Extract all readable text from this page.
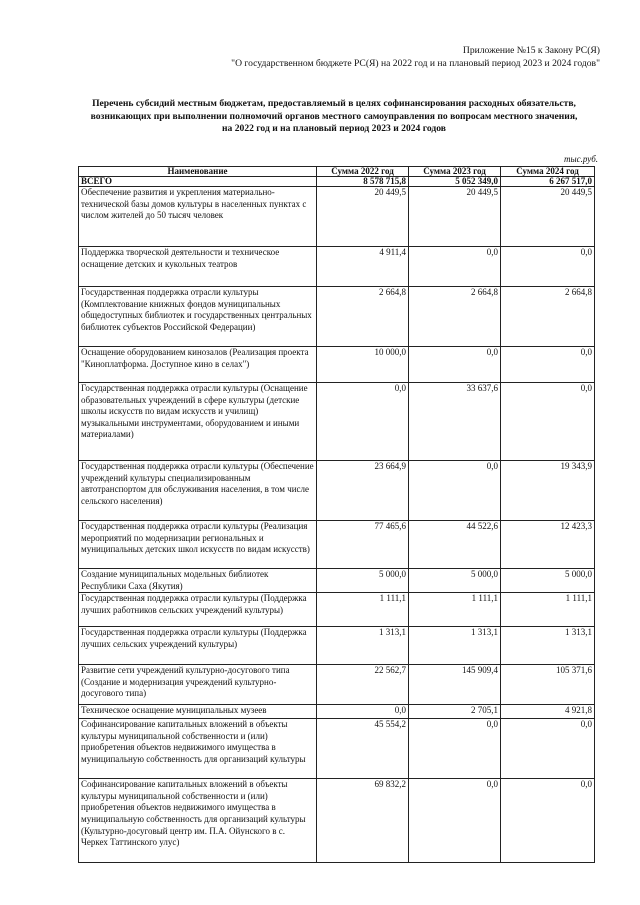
Приложение №15 к Закону РС(Я)
"О государственном бюджете РС(Я) на 2022 год и на плановый период 2023 и 2024 годов"
Перечень субсидий местным бюджетам, предоставляемый в целях софинансирования расходных обязательств,
возникающих при выполнении полномочий органов местного самоуправления по вопросам местного значения,
на 2022 год и на плановый период 2023 и 2024 годов
тыс.руб.
Наименование	Сумма 2022 год	Сумма 2023 год	Сумма 2024 год
ВСЕГО	8 578 715,8	5 052 349,0	6 267 517,0
Обеспечение развития и укрепления материально-технической базы домов культуры в населенных пунктах с числом жителей до 50 тысяч человек	20 449,5	20 449,5	20 449,5
Поддержка творческой деятельности и техническое оснащение детских и кукольных театров	4 911,4	0,0	0,0
Государственная поддержка отрасли культуры (Комплектование книжных фондов муниципальных общедоступных библиотек и государственных центральных библиотек субъектов Российской Федерации)	2 664,8	2 664,8	2 664,8
Оснащение оборудованием кинозалов (Реализация проекта "Кинoплатформа. Доступное кино в селах")	10 000,0	0,0	0,0
Государственная поддержка отрасли культуры (Оснащение образовательных учреждений в сфере культуры (детские школы искусств по видам искусств и училищ) музыкальными инструментами, оборудованием и иными материалами)	0,0	33 637,6	0,0
Государственная поддержка отрасли культуры (Обеспечение учреждений культуры специализированным автотранспортом для обслуживания населения, в том числе сельского населения)	23 664,9	0,0	19 343,9
Государственная поддержка отрасли культуры (Реализация мероприятий по модернизации региональных и муниципальных детских школ искусств по видам искусств)	77 465,6	44 522,6	12 423,3
Создание муниципальных модельных библиотек Республики Саха (Якутия)	5 000,0	5 000,0	5 000,0
Государственная поддержка отрасли культуры (Поддержка лучших работников сельских учреждений культуры)	1 111,1	1 111,1	1 111,1
Государственная поддержка отрасли культуры (Поддержка лучших сельских учреждений культуры)	1 313,1	1 313,1	1 313,1
Развитие сети учреждений культурно-досугового типа (Создание и модернизация учреждений культурно-досугового типа)	22 562,7	145 909,4	105 371,6
Техническое оснащение муниципальных музеев	0,0	2 705,1	4 921,8
Софинансирование капитальных вложений в объекты культуры муниципальной собственности и (или) приобретения объектов недвижимого имущества в муниципальную собственность для организаций культуры	45 554,2	0,0	0,0
Софинансирование капитальных вложений в объекты культуры муниципальной собственности и (или) приобретения объектов недвижимого имущества в муниципальную собственность для организаций культуры (Культурно-досуговый центр им. П.А. Ойунского в с. Черкех Таттинского улус)	69 832,2	0,0	0,0
